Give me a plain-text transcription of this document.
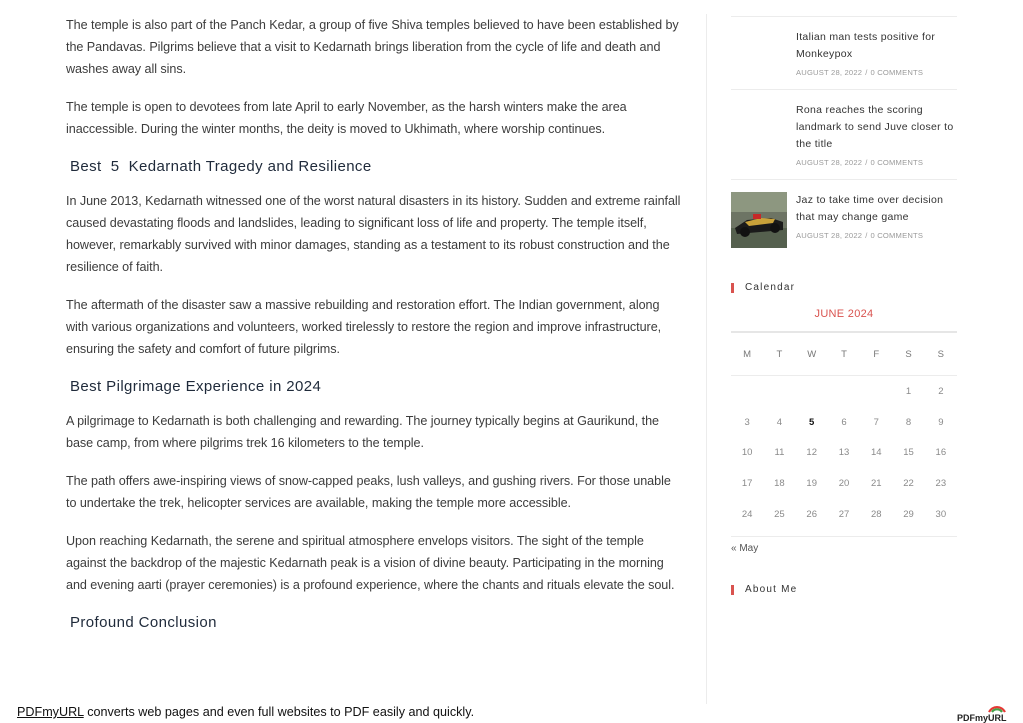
The temple is also part of the Panch Kedar, a group of five Shiva temples believed to have been established by the Pandavas. Pilgrims believe that a visit to Kedarnath brings liberation from the cycle of life and death and washes away all sins.

The temple is open to devotees from late April to early November, as the harsh winters make the area inaccessible. During the winter months, the deity is moved to Ukhimath, where worship continues.

Best  5  Kedarnath Tragedy and Resilience

In June 2013, Kedarnath witnessed one of the worst natural disasters in its history. Sudden and extreme rainfall caused devastating floods and landslides, leading to significant loss of life and property. The temple itself, however, remarkably survived with minor damages, standing as a testament to its robust construction and the resilience of faith.

The aftermath of the disaster saw a massive rebuilding and restoration effort. The Indian government, along with various organizations and volunteers, worked tirelessly to restore the region and improve infrastructure, ensuring the safety and comfort of future pilgrims.

Best Pilgrimage Experience in 2024

A pilgrimage to Kedarnath is both challenging and rewarding. The journey typically begins at Gaurikund, the base camp, from where pilgrims trek 16 kilometers to the temple.

The path offers awe-inspiring views of snow-capped peaks, lush valleys, and gushing rivers. For those unable to undertake the trek, helicopter services are available, making the temple more accessible.

Upon reaching Kedarnath, the serene and spiritual atmosphere envelops visitors. The sight of the temple against the backdrop of the majestic Kedarnath peak is a vision of divine beauty. Participating in the morning and evening aarti (prayer ceremonies) is a profound experience, where the chants and rituals elevate the soul.

Profound Conclusion
Italian man tests positive for Monkeypox
AUGUST 28, 2022 / 0 COMMENTS
Rona reaches the scoring landmark to send Juve closer to the title
AUGUST 28, 2022 / 0 COMMENTS
Jaz to take time over decision that may change game
AUGUST 28, 2022 / 0 COMMENTS
Calendar
JUNE 2024
M	T	W	T	F	S	S
					1	2
3	4	5	6	7	8	9
10	11	12	13	14	15	16
17	18	19	20	21	22	23
24	25	26	27	28	29	30
« May
About Me
PDFmyURL converts web pages and even full websites to PDF easily and quickly.	PDFmyURL
